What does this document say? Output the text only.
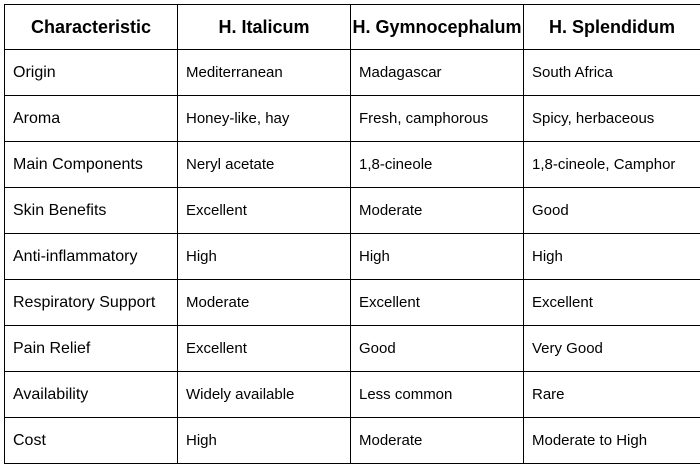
Characteristic	H. Italicum	H. Gymnocephalum	H. Splendidum
Origin	Mediterranean	Madagascar	South Africa
Aroma	Honey-like, hay	Fresh, camphorous	Spicy, herbaceous
Main Components	Neryl acetate	1,8-cineole	1,8-cineole, Camphor
Skin Benefits	Excellent	Moderate	Good
Anti-inflammatory	High	High	High
Respiratory Support	Moderate	Excellent	Excellent
Pain Relief	Excellent	Good	Very Good
Availability	Widely available	Less common	Rare
Cost	High	Moderate	Moderate to High
